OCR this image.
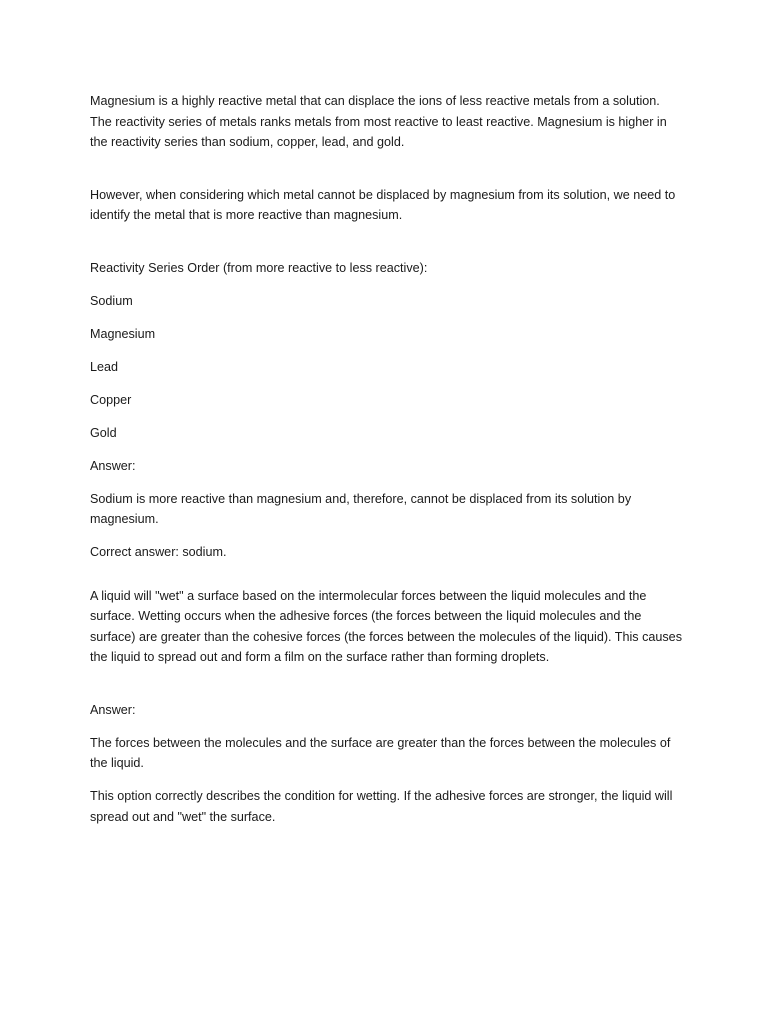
Magnesium is a highly reactive metal that can displace the ions of less reactive metals from a solution. The reactivity series of metals ranks metals from most reactive to least reactive. Magnesium is higher in the reactivity series than sodium, copper, lead, and gold.

However, when considering which metal cannot be displaced by magnesium from its solution, we need to identify the metal that is more reactive than magnesium.

Reactivity Series Order (from more reactive to less reactive):

Sodium

Magnesium

Lead

Copper

Gold

Answer:

Sodium is more reactive than magnesium and, therefore, cannot be displaced from its solution by magnesium.

Correct answer: sodium.

A liquid will "wet" a surface based on the intermolecular forces between the liquid molecules and the surface. Wetting occurs when the adhesive forces (the forces between the liquid molecules and the surface) are greater than the cohesive forces (the forces between the molecules of the liquid). This causes the liquid to spread out and form a film on the surface rather than forming droplets.

Answer:

The forces between the molecules and the surface are greater than the forces between the molecules of the liquid.

This option correctly describes the condition for wetting. If the adhesive forces are stronger, the liquid will spread out and "wet" the surface.
